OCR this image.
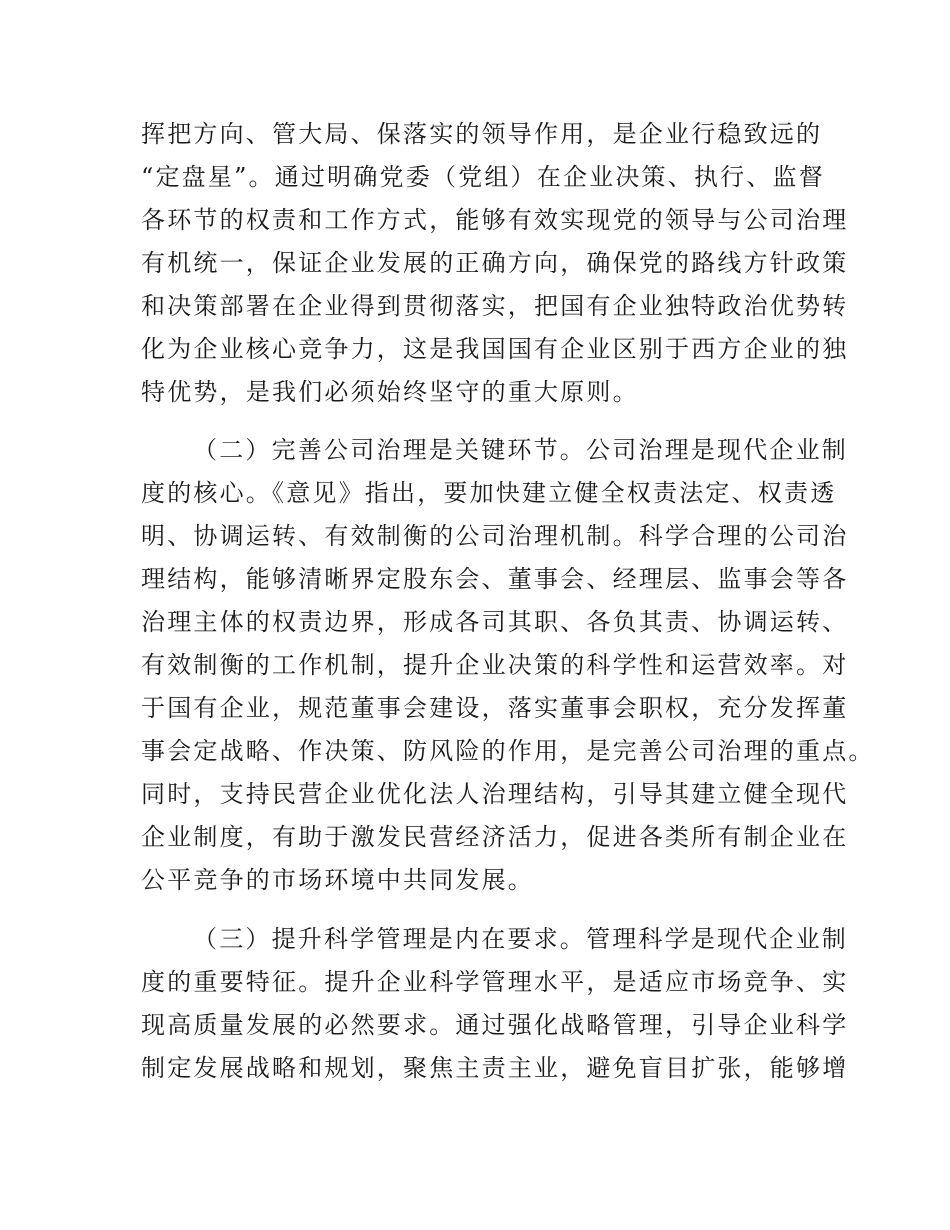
挥把方向、管大局、保落实的领导作用，是企业行稳致远的
“定盘星”。通过明确党委（党组）在企业决策、执行、监督
各环节的权责和工作方式，能够有效实现党的领导与公司治理
有机统一，保证企业发展的正确方向，确保党的路线方针政策
和决策部署在企业得到贯彻落实，把国有企业独特政治优势转
化为企业核心竞争力，这是我国国有企业区别于西方企业的独
特优势，是我们必须始终坚守的重大原则。
（二）完善公司治理是关键环节。公司治理是现代企业制
度的核心。《意见》指出，要加快建立健全权责法定、权责透
明、协调运转、有效制衡的公司治理机制。科学合理的公司治
理结构，能够清晰界定股东会、董事会、经理层、监事会等各
治理主体的权责边界，形成各司其职、各负其责、协调运转、
有效制衡的工作机制，提升企业决策的科学性和运营效率。对
于国有企业，规范董事会建设，落实董事会职权，充分发挥董
事会定战略、作决策、防风险的作用，是完善公司治理的重点。
同时，支持民营企业优化法人治理结构，引导其建立健全现代
企业制度，有助于激发民营经济活力，促进各类所有制企业在
公平竞争的市场环境中共同发展。
（三）提升科学管理是内在要求。管理科学是现代企业制
度的重要特征。提升企业科学管理水平，是适应市场竞争、实
现高质量发展的必然要求。通过强化战略管理，引导企业科学
制定发展战略和规划，聚焦主责主业，避免盲目扩张，能够增
